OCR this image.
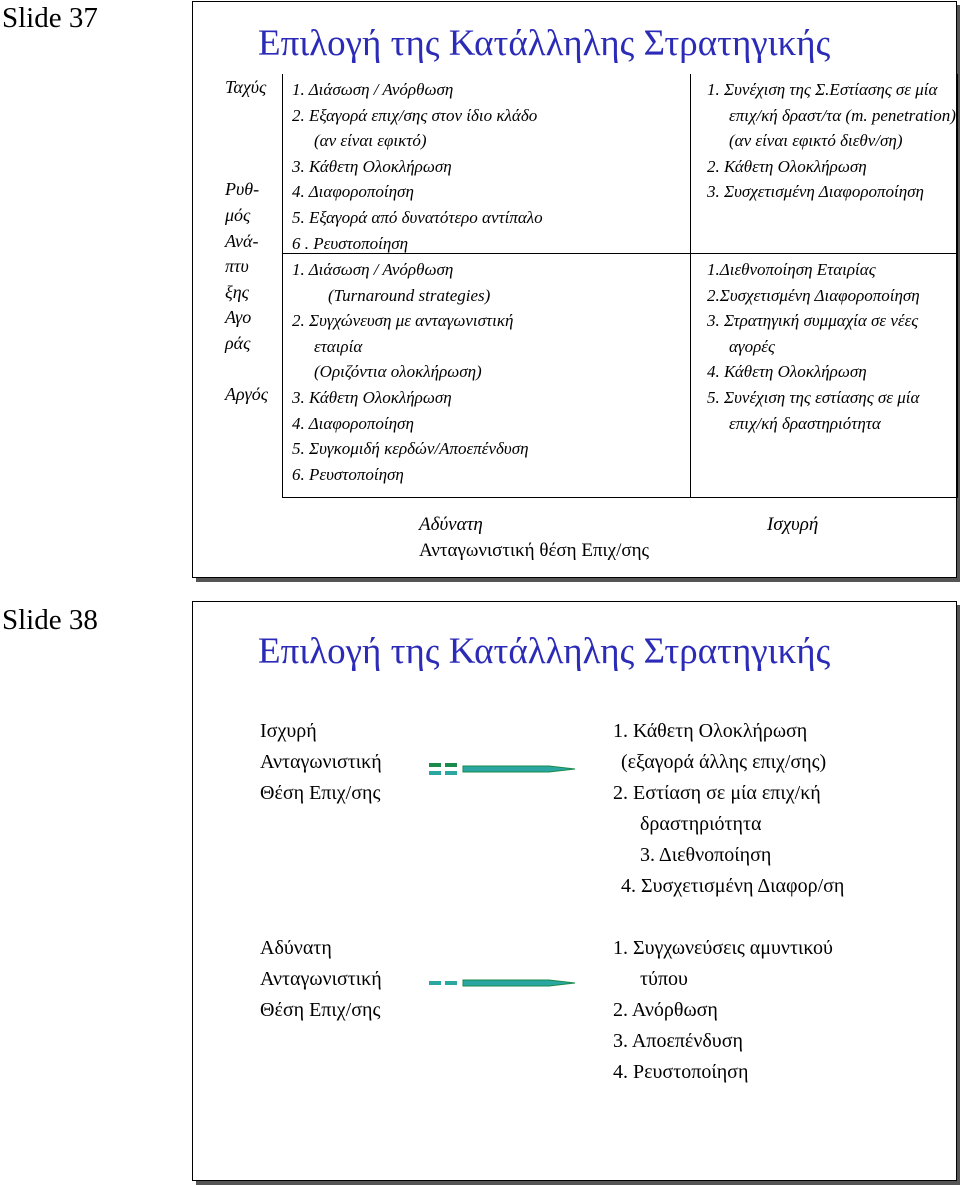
Slide 37
Επιλογή της Κατάλληλης Στρατηγικής
Ταχύς
Ρυθ-
μός
Ανά-
πτυ
ξης
Αγο
ράς
Αργός
1. Διάσωση / Ανόρθωση
2. Εξαγορά επιχ/σης στον ίδιο κλάδο
(αν είναι εφικτό)
3. Κάθετη Ολοκλήρωση
4. Διαφοροποίηση
5. Εξαγορά από δυνατότερο αντίπαλο
6 . Ρευστοποίηση
1. Συνέχιση της Σ.Εστίασης σε μία
επιχ/κή δραστ/τα (m. penetration)
(αν είναι εφικτό διεθν/ση)
2. Κάθετη Ολοκλήρωση
3. Συσχετισμένη Διαφοροποίηση
1. Διάσωση / Ανόρθωση
(Turnaround strategies)
2. Συγχώνευση με ανταγωνιστική
εταιρία
(Οριζόντια ολοκλήρωση)
3. Κάθετη Ολοκλήρωση
4. Διαφοροποίηση
5. Συγκομιδή κερδών/Αποεπένδυση
6. Ρευστοποίηση
1.Διεθνοποίηση Εταιρίας
2.Συσχετισμένη Διαφοροποίηση
3. Στρατηγική συμμαχία σε νέες
αγορές
4. Κάθετη Ολοκλήρωση
5. Συνέχιση της εστίασης σε μία
επιχ/κή δραστηριότητα
Αδύνατη	Ισχυρή
Ανταγωνιστική θέση Επιχ/σης
Slide 38
Επιλογή της Κατάλληλης Στρατηγικής
Ισχυρή
Ανταγωνιστική
Θέση Επιχ/σης
1. Κάθετη Ολοκλήρωση
(εξαγορά άλλης επιχ/σης)
2. Εστίαση σε μία επιχ/κή
δραστηριότητα
3. Διεθνοποίηση
4. Συσχετισμένη Διαφορ/ση
Αδύνατη
Ανταγωνιστική
Θέση Επιχ/σης
1. Συγχωνεύσεις αμυντικού
τύπου
2. Ανόρθωση
3. Αποεπένδυση
4. Ρευστοποίηση
